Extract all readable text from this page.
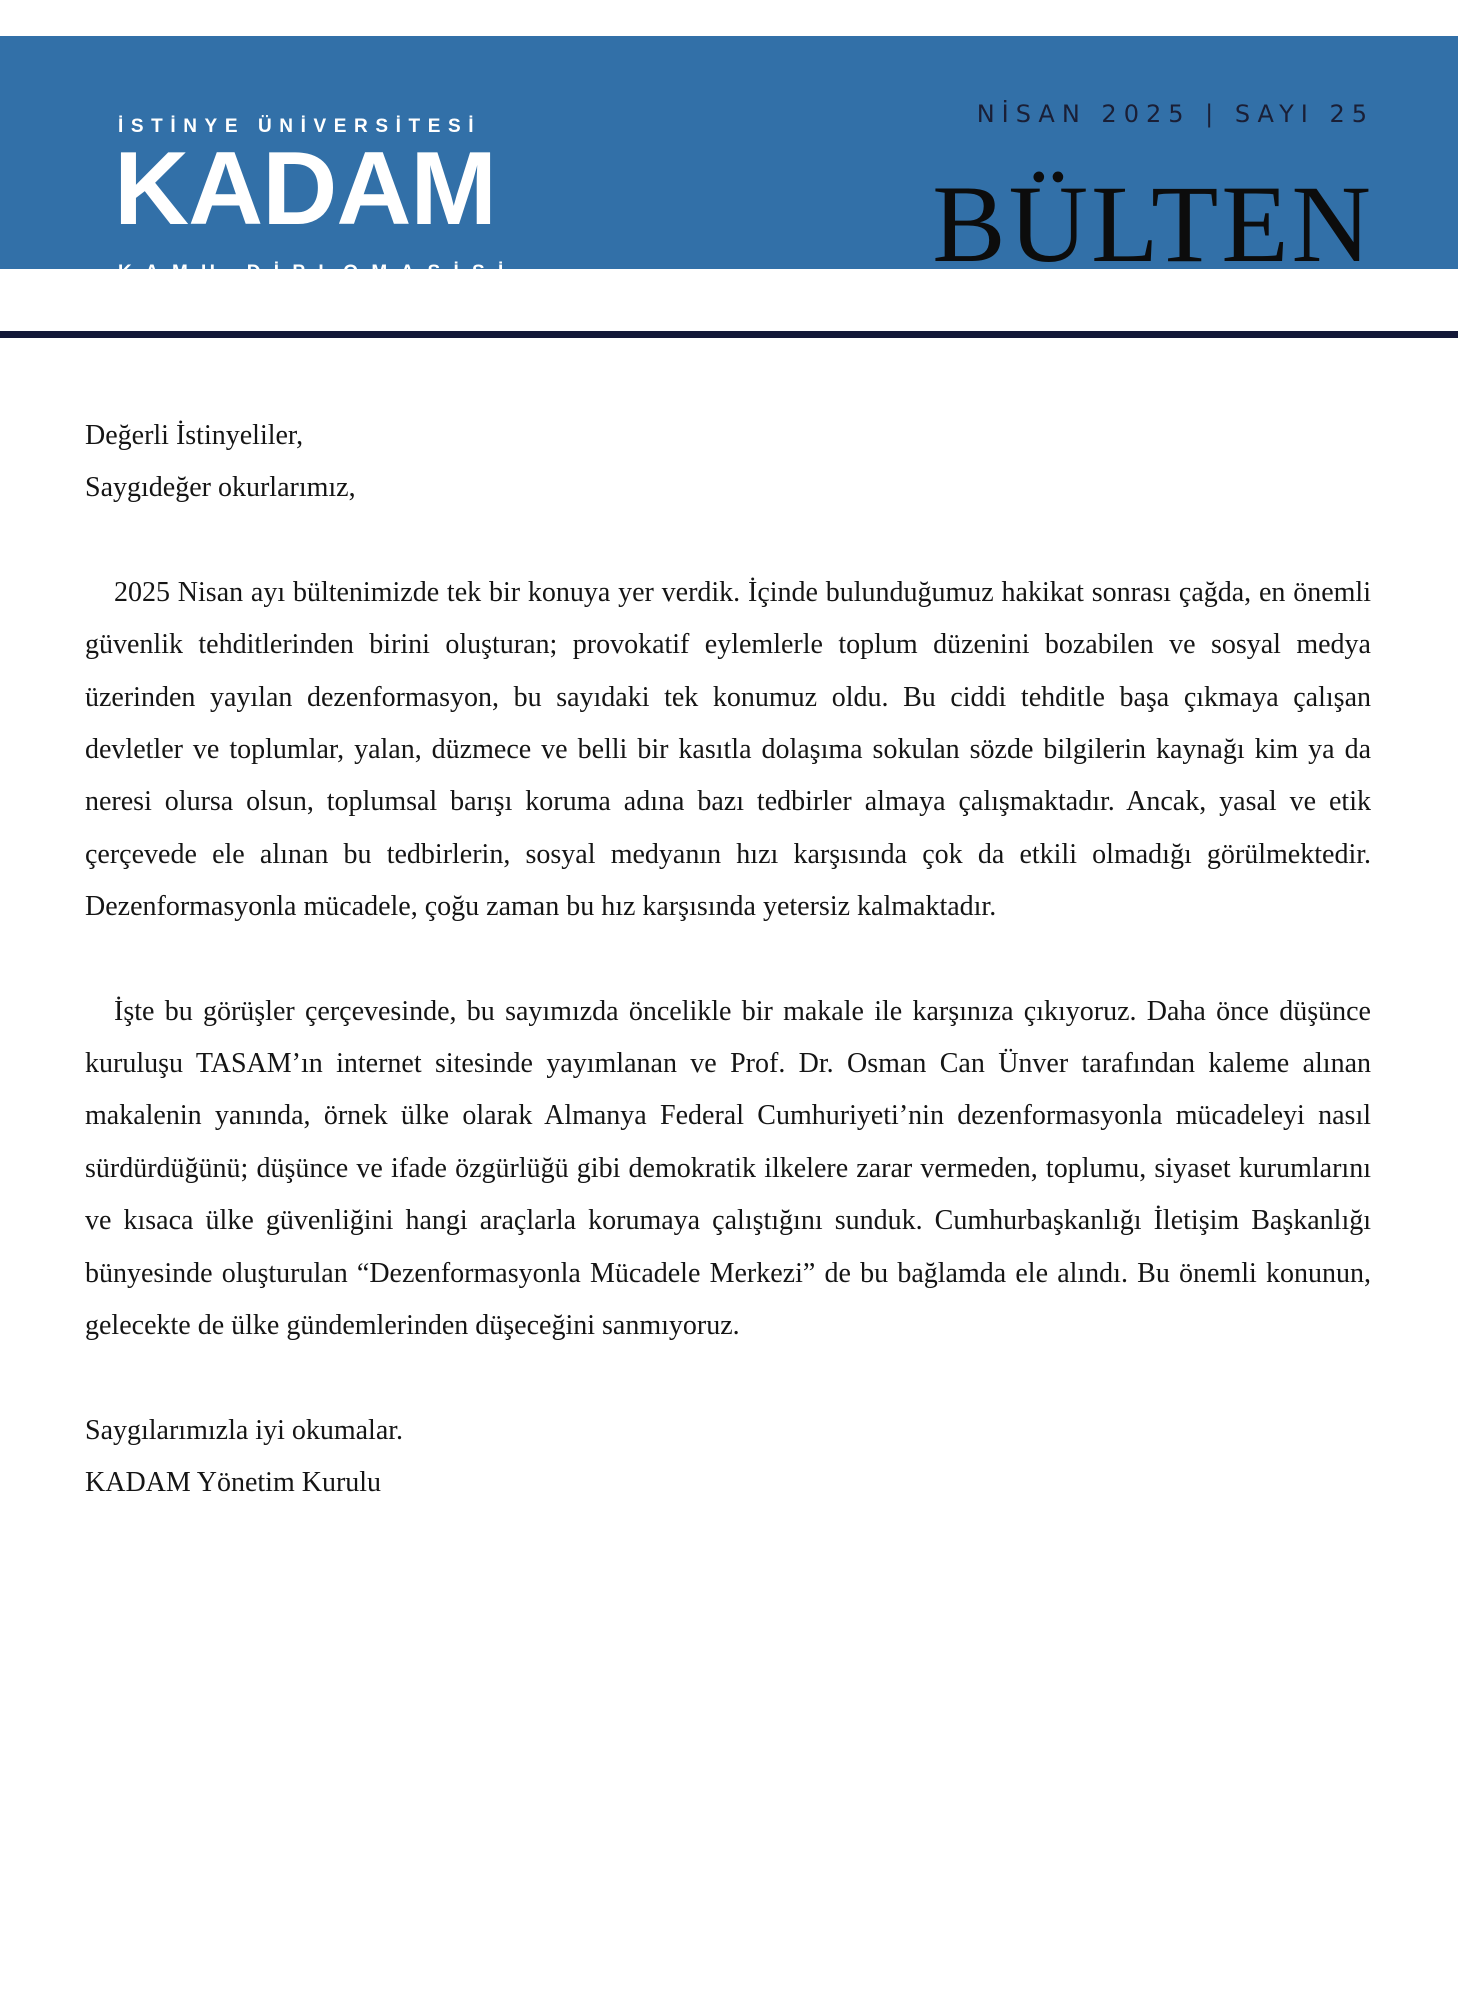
İSTİNYE ÜNİVERSİTESİ
KADAM
KAMU DİPLOMASİSİ
UYGULAMA VE ARAŞTIRMA MERKEZİ
NİSAN 2025 | SAYI 25
BÜLTEN

Değerli İstinyeliler,

Saygıdeğer okurlarımız,

2025 Nisan ayı bültenimizde tek bir konuya yer verdik. İçinde bulunduğumuz hakikat sonrası çağda, en önemli güvenlik tehditlerinden birini oluşturan; provokatif eylemlerle toplum düzenini bozabilen ve sosyal medya üzerinden yayılan dezenformasyon, bu sayıdaki tek konumuz oldu. Bu ciddi tehditle başa çıkmaya çalışan devletler ve toplumlar, yalan, düzmece ve belli bir kasıtla dolaşıma sokulan sözde bilgilerin kaynağı kim ya da neresi olursa olsun, toplumsal barışı koruma adına bazı tedbirler almaya çalışmaktadır. Ancak, yasal ve etik çerçevede ele alınan bu tedbirlerin, sosyal medyanın hızı karşısında çok da etkili olmadığı görülmektedir. Dezenformasyonla mücadele, çoğu zaman bu hız karşısında yetersiz kalmaktadır.

İşte bu görüşler çerçevesinde, bu sayımızda öncelikle bir makale ile karşınıza çıkıyoruz. Daha önce düşünce kuruluşu TASAM’ın internet sitesinde yayımlanan ve Prof. Dr. Osman Can Ünver tarafından kaleme alınan makalenin yanında, örnek ülke olarak Almanya Federal Cumhuriyeti’nin dezenformasyonla mücadeleyi nasıl sürdürdüğünü; düşünce ve ifade özgürlüğü gibi demokratik ilkelere zarar vermeden, toplumu, siyaset kurumlarını ve kısaca ülke güvenliğini hangi araçlarla korumaya çalıştığını sunduk. Cumhurbaşkanlığı İletişim Başkanlığı bünyesinde oluşturulan “Dezenformasyonla Mücadele Merkezi” de bu bağlamda ele alındı. Bu önemli konunun, gelecekte de ülke gündemlerinden düşeceğini sanmıyoruz.

Saygılarımızla iyi okumalar.

KADAM Yönetim Kurulu
